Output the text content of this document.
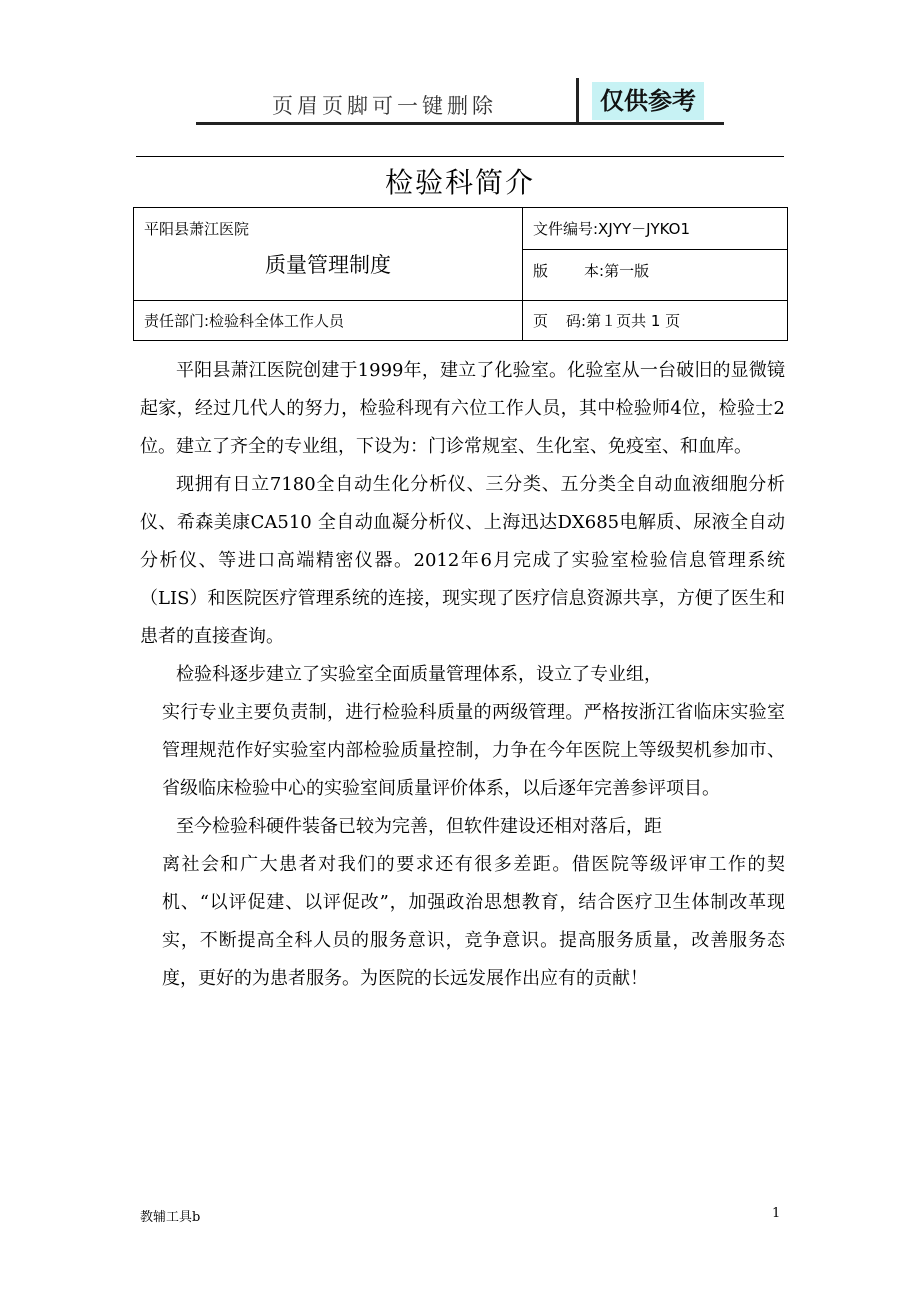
页眉页脚可一键删除	仅供参考
检验科简介
平阳县萧江医院
质量管理制度	文件编号:XJYY－JYKO1
	版 本:第一版
责任部门:检验科全体工作人员	页 码:第１页共 1 页

平阳县萧江医院创建于1999年，建立了化验室。化验室从一台破旧的显微镜起家，经过几代人的努力，检验科现有六位工作人员，其中检验师4位，检验士2位。建立了齐全的专业组，下设为：门诊常规室、生化室、免疫室、和血库。

现拥有日立7180全自动生化分析仪、三分类、五分类全自动血液细胞分析仪、希森美康CA510 全自动血凝分析仪、上海迅达DX685电解质、尿液全自动分析仪、等进口高端精密仪器。2012年6月完成了实验室检验信息管理系统（LIS）和医院医疗管理系统的连接，现实现了医疗信息资源共享，方便了医生和患者的直接查询。

检验科逐步建立了实验室全面质量管理体系，设立了专业组，
实行专业主要负责制，进行检验科质量的两级管理。严格按浙江省临床实验室管理规范作好实验室内部检验质量控制，力争在今年医院上等级契机参加市、省级临床检验中心的实验室间质量评价体系，以后逐年完善参评项目。

至今检验科硬件装备已较为完善，但软件建设还相对落后，距
离社会和广大患者对我们的要求还有很多差距。借医院等级评审工作的契机、“以评促建、以评促改”，加强政治思想教育，结合医疗卫生体制改革现实，不断提高全科人员的服务意识，竞争意识。提高服务质量，改善服务态度，更好的为患者服务。为医院的长远发展作出应有的贡献！

教辅工具b	1
